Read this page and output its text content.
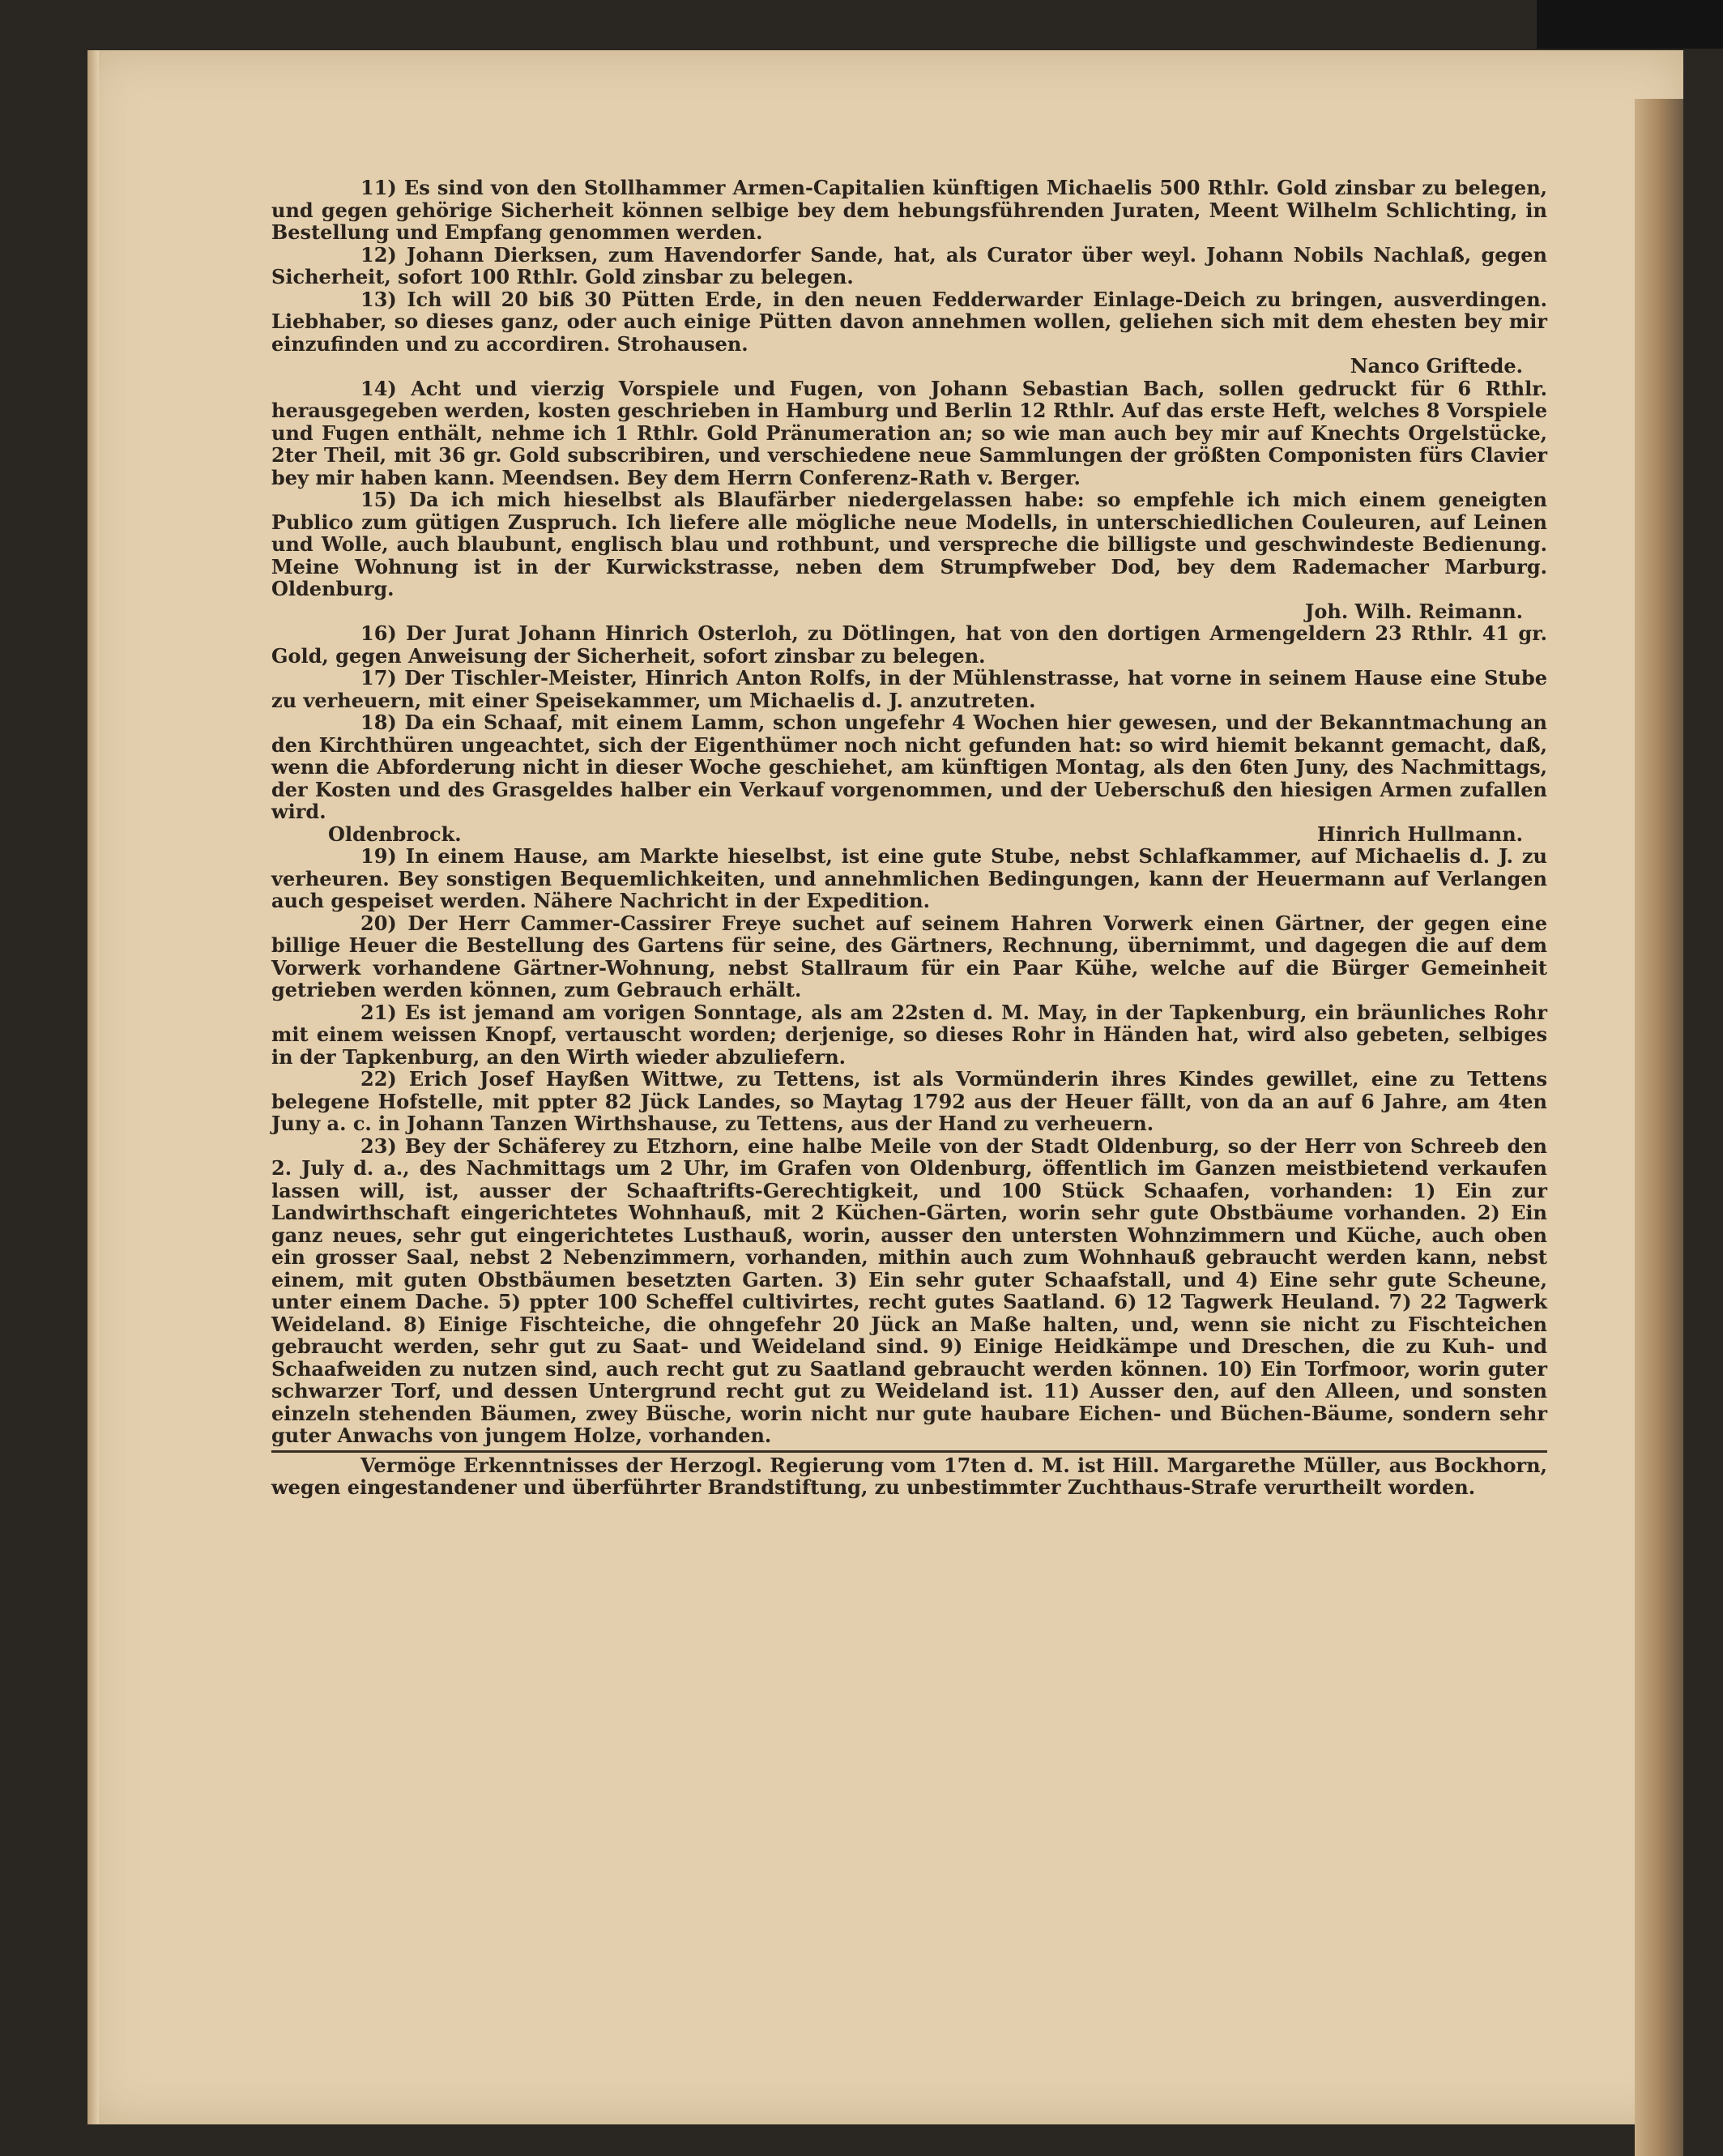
11) Es sind von den Stollhammer Armen-Capitalien künftigen Michaelis 500 Rthlr. Gold zinsbar zu belegen, und gegen gehörige Sicherheit können selbige bey dem hebungsführenden Juraten, Meent Wilhelm Schlichting, in Bestellung und Empfang genommen werden.

12) Johann Dierksen, zum Havendorfer Sande, hat, als Curator über weyl. Johann Nobils Nachlaß, gegen Sicherheit, sofort 100 Rthlr. Gold zinsbar zu belegen.

13) Ich will 20 biß 30 Pütten Erde, in den neuen Fedderwarder Einlage-Deich zu bringen, ausverdingen. Liebhaber, so dieses ganz, oder auch einige Pütten davon annehmen wollen, geliehen sich mit dem ehesten bey mir einzufinden und zu accordiren. Strohausen.

Nanco Griftede.

14) Acht und vierzig Vorspiele und Fugen, von Johann Sebastian Bach, sollen gedruckt für 6 Rthlr. herausgegeben werden, kosten geschrieben in Hamburg und Berlin 12 Rthlr. Auf das erste Heft, welches 8 Vorspiele und Fugen enthält, nehme ich 1 Rthlr. Gold Pränumeration an; so wie man auch bey mir auf Knechts Orgelstücke, 2ter Theil, mit 36 gr. Gold subscribiren, und verschiedene neue Sammlungen der größten Componisten fürs Clavier bey mir haben kann. Meendsen. Bey dem Herrn Conferenz-Rath v. Berger.

15) Da ich mich hieselbst als Blaufärber niedergelassen habe: so empfehle ich mich einem geneigten Publico zum gütigen Zuspruch. Ich liefere alle mögliche neue Modells, in unterschiedlichen Couleuren, auf Leinen und Wolle, auch blaubunt, englisch blau und rothbunt, und verspreche die billigste und geschwindeste Bedienung. Meine Wohnung ist in der Kurwickstrasse, neben dem Strumpfweber Dod, bey dem Rademacher Marburg. Oldenburg.

Joh. Wilh. Reimann.

16) Der Jurat Johann Hinrich Osterloh, zu Dötlingen, hat von den dortigen Armengeldern 23 Rthlr. 41 gr. Gold, gegen Anweisung der Sicherheit, sofort zinsbar zu belegen.

17) Der Tischler-Meister, Hinrich Anton Rolfs, in der Mühlenstrasse, hat vorne in seinem Hause eine Stube zu verheuern, mit einer Speisekammer, um Michaelis d. J. anzutreten.

18) Da ein Schaaf, mit einem Lamm, schon ungefehr 4 Wochen hier gewesen, und der Bekanntmachung an den Kirchthüren ungeachtet, sich der Eigenthümer noch nicht gefunden hat: so wird hiemit bekannt gemacht, daß, wenn die Abforderung nicht in dieser Woche geschiehet, am künftigen Montag, als den 6ten Juny, des Nachmittags, der Kosten und des Grasgeldes halber ein Verkauf vorgenommen, und der Ueberschuß den hiesigen Armen zufallen wird.

Oldenbrock.	Hinrich Hullmann.

19) In einem Hause, am Markte hieselbst, ist eine gute Stube, nebst Schlafkammer, auf Michaelis d. J. zu verheuren. Bey sonstigen Bequemlichkeiten, und annehmlichen Bedingungen, kann der Heuermann auf Verlangen auch gespeiset werden. Nähere Nachricht in der Expedition.

20) Der Herr Cammer-Cassirer Freye suchet auf seinem Hahren Vorwerk einen Gärtner, der gegen eine billige Heuer die Bestellung des Gartens für seine, des Gärtners, Rechnung, übernimmt, und dagegen die auf dem Vorwerk vorhandene Gärtner-Wohnung, nebst Stallraum für ein Paar Kühe, welche auf die Bürger Gemeinheit getrieben werden können, zum Gebrauch erhält.

21) Es ist jemand am vorigen Sonntage, als am 22sten d. M. May, in der Tapkenburg, ein bräunliches Rohr mit einem weissen Knopf, vertauscht worden; derjenige, so dieses Rohr in Händen hat, wird also gebeten, selbiges in der Tapkenburg, an den Wirth wieder abzuliefern.

22) Erich Josef Hayßen Wittwe, zu Tettens, ist als Vormünderin ihres Kindes gewillet, eine zu Tettens belegene Hofstelle, mit ppter 82 Jück Landes, so Maytag 1792 aus der Heuer fällt, von da an auf 6 Jahre, am 4ten Juny a. c. in Johann Tanzen Wirthshause, zu Tettens, aus der Hand zu verheuern.

23) Bey der Schäferey zu Etzhorn, eine halbe Meile von der Stadt Oldenburg, so der Herr von Schreeb den 2. July d. a., des Nachmittags um 2 Uhr, im Grafen von Oldenburg, öffentlich im Ganzen meistbietend verkaufen lassen will, ist, ausser der Schaaftrifts-Gerechtigkeit, und 100 Stück Schaafen, vorhanden: 1) Ein zur Landwirthschaft eingerichtetes Wohnhauß, mit 2 Küchen-Gärten, worin sehr gute Obstbäume vorhanden. 2) Ein ganz neues, sehr gut eingerichtetes Lusthauß, worin, ausser den untersten Wohnzimmern und Küche, auch oben ein grosser Saal, nebst 2 Nebenzimmern, vorhanden, mithin auch zum Wohnhauß gebraucht werden kann, nebst einem, mit guten Obstbäumen besetzten Garten. 3) Ein sehr guter Schaafstall, und 4) Eine sehr gute Scheune, unter einem Dache. 5) ppter 100 Scheffel cultivirtes, recht gutes Saatland. 6) 12 Tagwerk Heuland. 7) 22 Tagwerk Weideland. 8) Einige Fischteiche, die ohngefehr 20 Jück an Maße halten, und, wenn sie nicht zu Fischteichen gebraucht werden, sehr gut zu Saat- und Weideland sind. 9) Einige Heidkämpe und Dreschen, die zu Kuh- und Schaafweiden zu nutzen sind, auch recht gut zu Saatland gebraucht werden können. 10) Ein Torfmoor, worin guter schwarzer Torf, und dessen Untergrund recht gut zu Weideland ist. 11) Ausser den, auf den Alleen, und sonsten einzeln stehenden Bäumen, zwey Büsche, worin nicht nur gute haubare Eichen- und Büchen-Bäume, sondern sehr guter Anwachs von jungem Holze, vorhanden.

Vermöge Erkenntnisses der Herzogl. Regierung vom 17ten d. M. ist Hill. Margarethe Müller, aus Bockhorn, wegen eingestandener und überführter Brandstiftung, zu unbestimmter Zuchthaus-Strafe verurtheilt worden.
